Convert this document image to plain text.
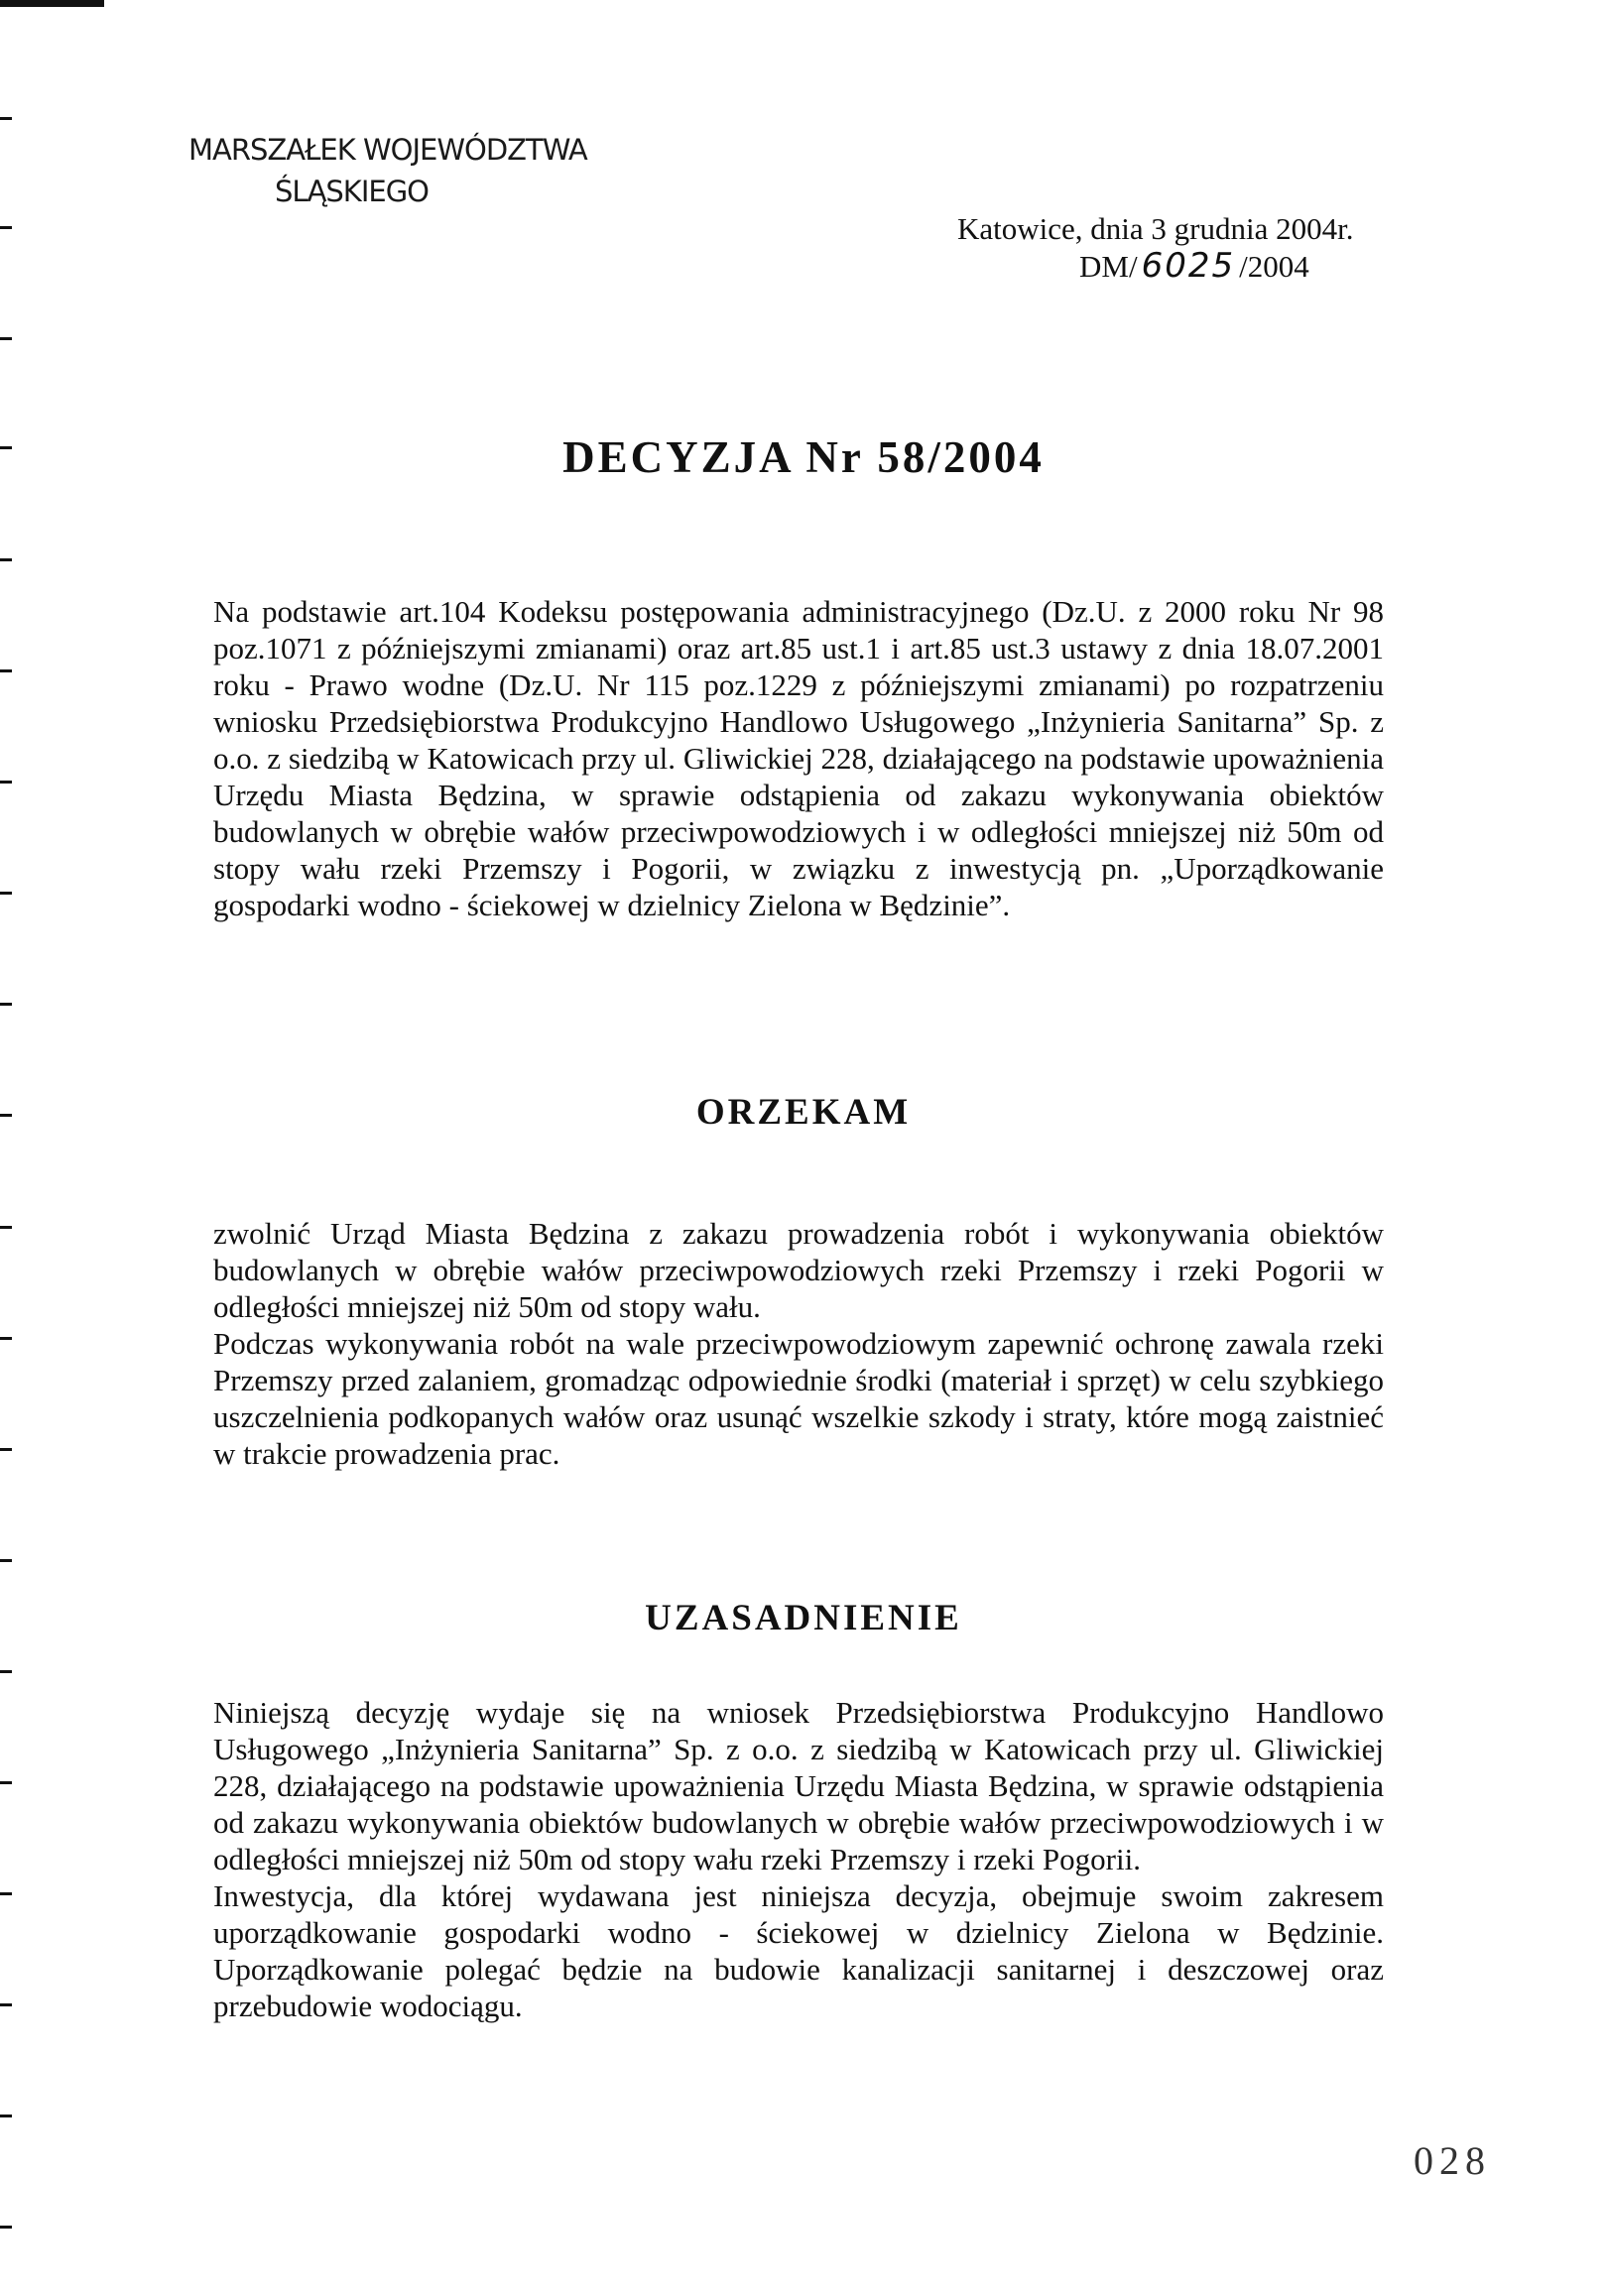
MARSZAŁEK WOJEWÓDZTWA
ŚLĄSKIEGO
Katowice, dnia 3 grudnia 2004r.
DM/ 6025 /2004
DECYZJA Nr 58/2004

Na podstawie art.104 Kodeksu postępowania administracyjnego (Dz.U. z 2000 roku Nr 98 poz.1071 z późniejszymi zmianami) oraz art.85 ust.1 i art.85 ust.3 ustawy z dnia 18.07.2001 roku - Prawo wodne (Dz.U. Nr 115 poz.1229 z późniejszymi zmianami) po rozpatrzeniu wniosku Przedsiębiorstwa Produkcyjno Handlowo Usługowego „Inżynieria Sanitarna” Sp. z o.o. z siedzibą w Katowicach przy ul. Gliwickiej 228, działającego na podstawie upoważnienia Urzędu Miasta Będzina, w sprawie odstąpienia od zakazu wykonywania obiektów budowlanych w obrębie wałów przeciwpowodziowych i w odległości mniejszej niż 50m od stopy wału rzeki Przemszy i Pogorii, w związku z inwestycją pn. „Uporządkowanie gospodarki wodno - ściekowej w dzielnicy Zielona w Będzinie”.

ORZEKAM

zwolnić Urząd Miasta Będzina z zakazu prowadzenia robót i wykonywania obiektów budowlanych w obrębie wałów przeciwpowodziowych rzeki Przemszy i rzeki Pogorii w odległości mniejszej niż 50m od stopy wału.

Podczas wykonywania robót na wale przeciwpowodziowym zapewnić ochronę zawala rzeki Przemszy przed zalaniem, gromadząc odpowiednie środki (materiał i sprzęt) w celu szybkiego uszczelnienia podkopanych wałów oraz usunąć wszelkie szkody i straty, które mogą zaistnieć w trakcie prowadzenia prac.

UZASADNIENIE

Niniejszą decyzję wydaje się na wniosek Przedsiębiorstwa Produkcyjno Handlowo Usługowego „Inżynieria Sanitarna” Sp. z o.o. z siedzibą w Katowicach przy ul. Gliwickiej 228, działającego na podstawie upoważnienia Urzędu Miasta Będzina, w sprawie odstąpienia od zakazu wykonywania obiektów budowlanych w obrębie wałów przeciwpowodziowych i w odległości mniejszej niż 50m od stopy wału rzeki Przemszy i rzeki Pogorii.

Inwestycja, dla której wydawana jest niniejsza decyzja, obejmuje swoim zakresem uporządkowanie gospodarki wodno - ściekowej w dzielnicy Zielona w Będzinie. Uporządkowanie polegać będzie na budowie kanalizacji sanitarnej i deszczowej oraz przebudowie wodociągu.

028
